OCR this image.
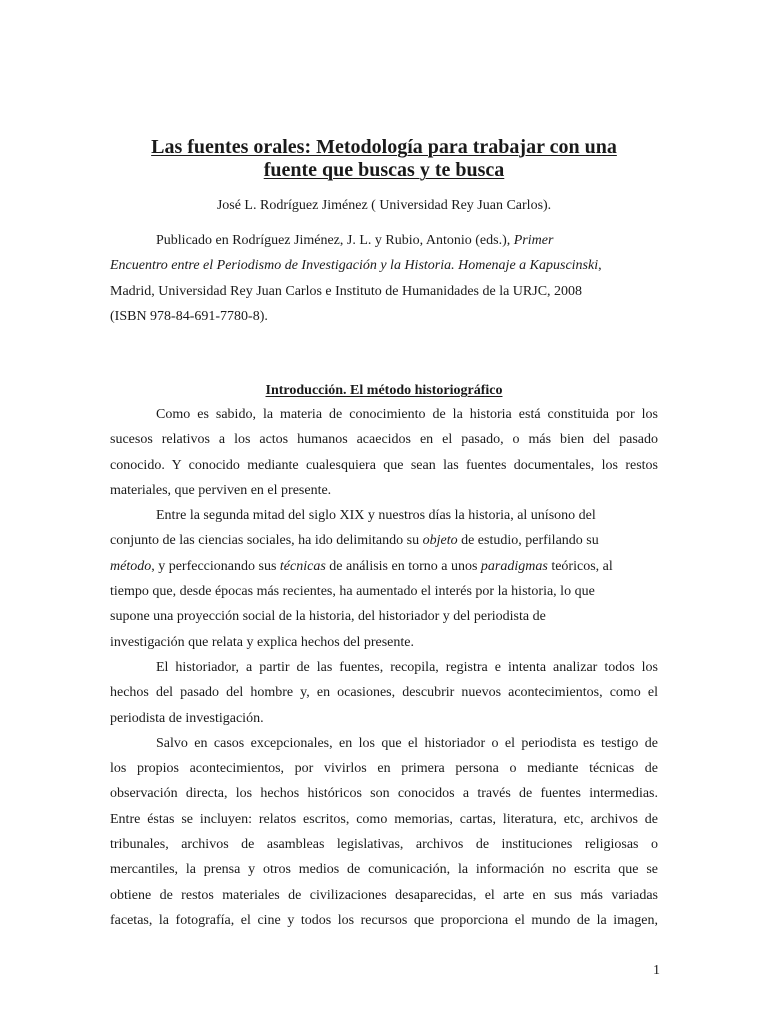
Las fuentes orales: Metodología para trabajar con una
fuente que buscas y te busca
José L. Rodríguez Jiménez ( Universidad Rey Juan Carlos).
Publicado en Rodríguez Jiménez, J. L. y Rubio, Antonio (eds.), Primer
Encuentro entre el Periodismo de Investigación y la Historia. Homenaje a Kapuscinski,
Madrid, Universidad Rey Juan Carlos e Instituto de Humanidades de la URJC, 2008
(ISBN 978-84-691-7780-8).
Introducción. El método historiográfico
Como es sabido, la materia de conocimiento de la historia está constituida por los
sucesos relativos a los actos humanos acaecidos en el pasado, o más bien del pasado
conocido. Y conocido mediante cualesquiera que sean las fuentes documentales, los restos
materiales, que perviven en el presente.
Entre la segunda mitad del siglo XIX y nuestros días la historia, al unísono del
conjunto de las ciencias sociales, ha ido delimitando su objeto de estudio, perfilando su
método, y perfeccionando sus técnicas de análisis en torno a unos paradigmas teóricos, al
tiempo que, desde épocas más recientes, ha aumentado el interés por la historia, lo que
supone una proyección social de la historia, del historiador y del periodista de
investigación que relata y explica hechos del presente.
El historiador, a partir de las fuentes, recopila, registra e intenta analizar todos los
hechos del pasado del hombre y, en ocasiones, descubrir nuevos acontecimientos, como el
periodista de investigación.
Salvo en casos excepcionales, en los que el historiador o el periodista es testigo de
los propios acontecimientos, por vivirlos en primera persona o mediante técnicas de
observación directa, los hechos históricos son conocidos a través de fuentes intermedias.
Entre éstas se incluyen: relatos escritos, como memorias, cartas, literatura, etc, archivos de
tribunales, archivos de asambleas legislativas, archivos de instituciones religiosas o
mercantiles, la prensa y otros medios de comunicación, la información no escrita que se
obtiene de restos materiales de civilizaciones desaparecidas, el arte en sus más variadas
facetas, la fotografía, el cine y todos los recursos que proporciona el mundo de la imagen,
1
